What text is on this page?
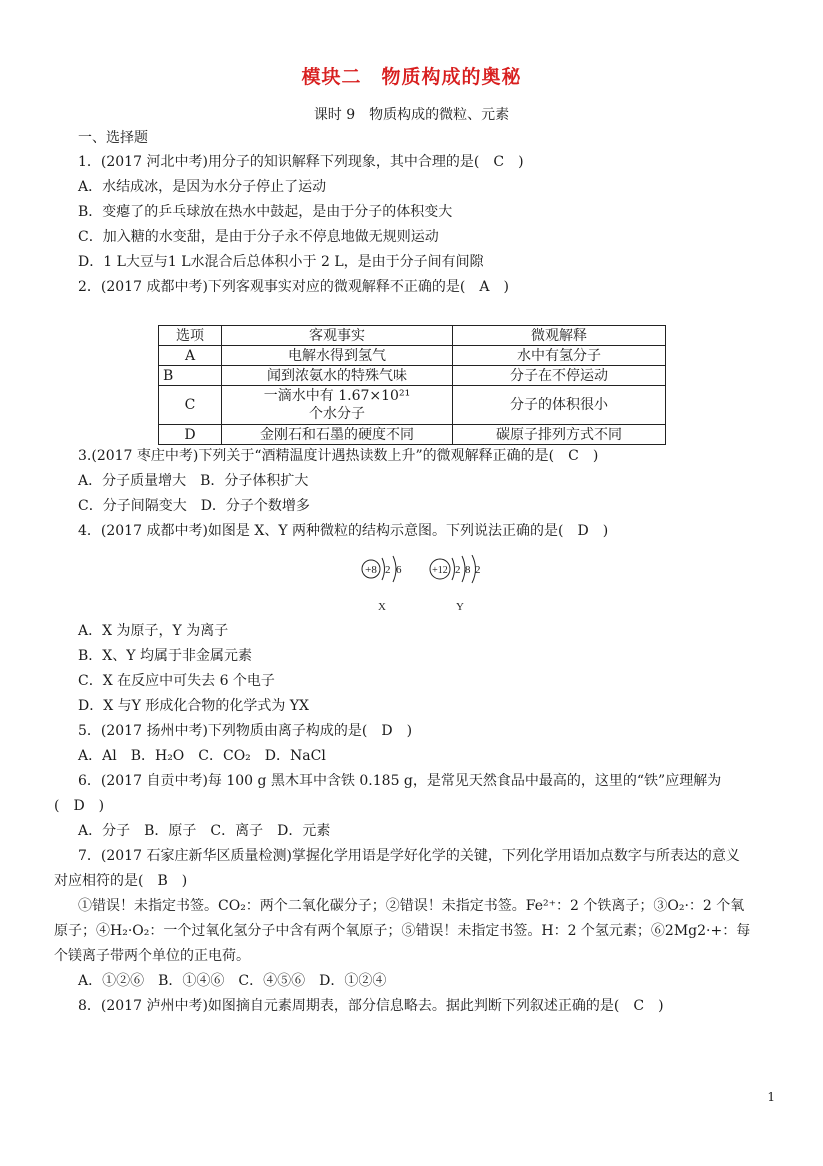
模块二　物质构成的奥秘
课时 9　物质构成的微粒、元素
一、选择题
1．(2017 河北中考)用分子的知识解释下列现象，其中合理的是(　C　)
A．水结成冰，是因为水分子停止了运动
B．变瘪了的乒乓球放在热水中鼓起，是由于分子的体积变大
C．加入糖的水变甜，是由于分子永不停息地做无规则运动
D．1 L大豆与1 L水混合后总体积小于 2 L，是由于分子间有间隙
2．(2017 成都中考)下列客观事实对应的微观解释不正确的是(　A　)
选项	客观事实	微观解释
A	电解水得到氢气	水中有氢分子
B	闻到浓氨水的特殊气味	分子在不停运动
C	一滴水中有 1.67×10²¹ 个水分子	分子的体积很小
D	金刚石和石墨的硬度不同	碳原子排列方式不同
3.(2017 枣庄中考)下列关于“酒精温度计遇热读数上升”的微观解释正确的是(　C　)
A．分子质量增大　B．分子体积扩大
C．分子间隔变大　D．分子个数增多
4．(2017 成都中考)如图是 X、Y 两种微粒的结构示意图。下列说法正确的是(　D　)
+8 2 6
X
+12 2 8 2
Y
A．X 为原子，Y 为离子
B．X、Y 均属于非金属元素
C．X 在反应中可失去 6 个电子
D．X 与Y 形成化合物的化学式为 YX
5．(2017 扬州中考)下列物质由离子构成的是(　D　)
A．Al　B．H₂O　C．CO₂　D．NaCl
6．(2017 自贡中考)每 100 g 黑木耳中含铁 0.185 g，是常见天然食品中最高的，这里的“铁”应理解为
(　D　)
A．分子　B．原子　C．离子　D．元素
7．(2017 石家庄新华区质量检测)掌握化学用语是学好化学的关键，下列化学用语加点数字与所表达的意义
对应相符的是(　B　)
①错误！未指定书签。CO₂：两个二氧化碳分子；②错误！未指定书签。Fe²⁺：2 个铁离子；③O₂·：2 个氧
原子；④H₂·O₂：一个过氧化氢分子中含有两个氧原子；⑤错误！未指定书签。H：2 个氢元素；⑥2Mg2·+：每
个镁离子带两个单位的正电荷。
A．①②⑥　B．①④⑥　C．④⑤⑥　D．①②④
8．(2017 泸州中考)如图摘自元素周期表，部分信息略去。据此判断下列叙述正确的是(　C　)
1
